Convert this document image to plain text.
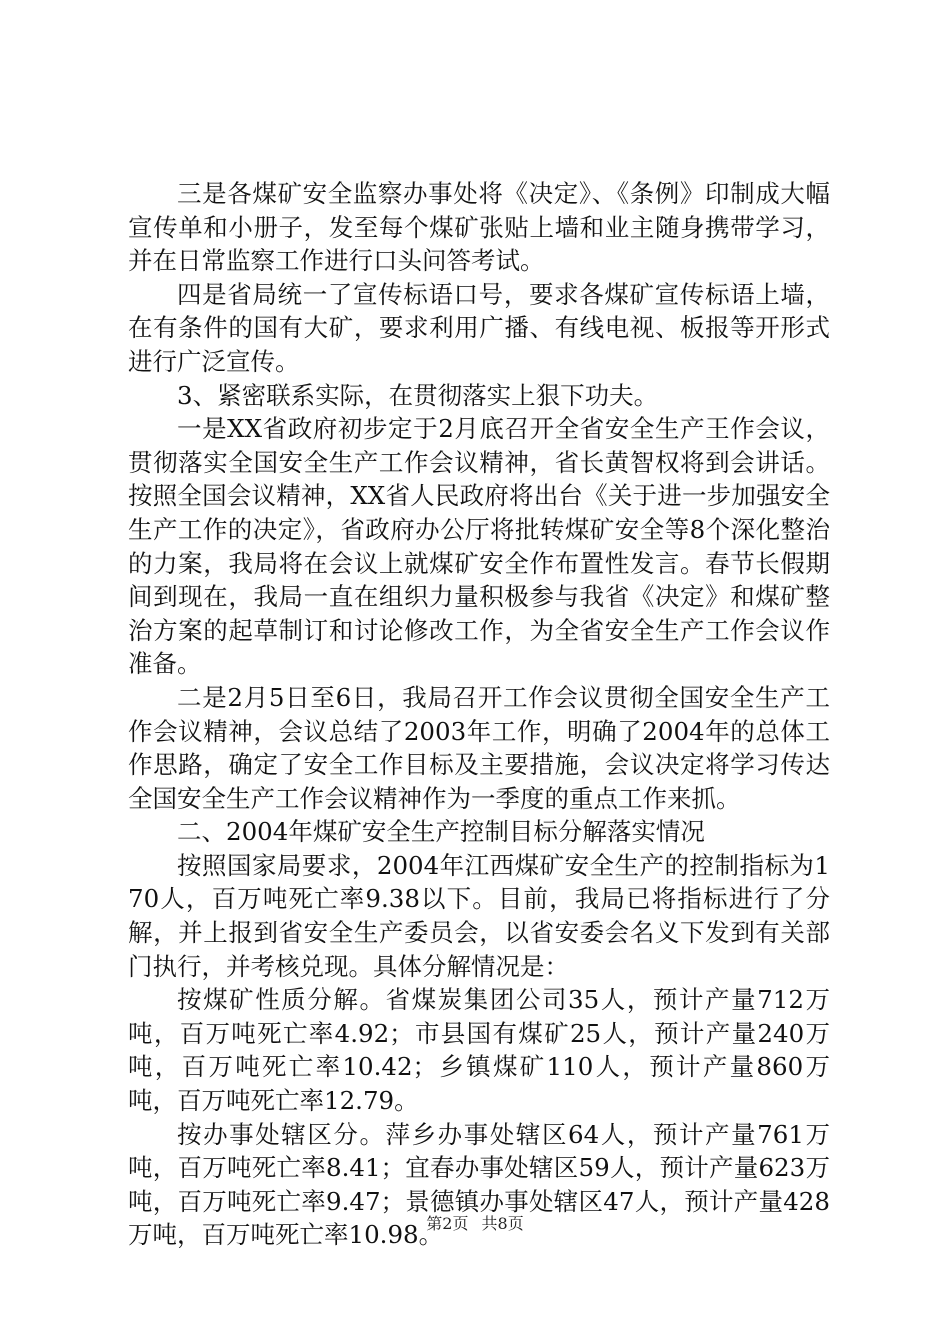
三是各煤矿安全监察办事处将《决定》、《条例》印制成大幅宣传单和小册子，发至每个煤矿张贴上墙和业主随身携带学习，并在日常监察工作进行口头问答考试。

四是省局统一了宣传标语口号，要求各煤矿宣传标语上墙，在有条件的国有大矿，要求利用广播、有线电视、板报等开形式进行广泛宣传。

3、紧密联系实际，在贯彻落实上狠下功夫。

一是XX省政府初步定于2月底召开全省安全生产王作会议，贯彻落实全国安全生产工作会议精神，省长黄智权将到会讲话。按照全国会议精神，XX省人民政府将出台《关于进一步加强安全生产工作的决定》，省政府办公厅将批转煤矿安全等8个深化整治的力案，我局将在会议上就煤矿安全作布置性发言。春节长假期间到现在，我局一直在组织力量积极参与我省《决定》和煤矿整治方案的起草制订和讨论修改工作，为全省安全生产工作会议作准备。

二是2月5日至6日，我局召开工作会议贯彻全国安全生产工作会议精神，会议总结了2003年工作，明确了2004年的总体工作思路，确定了安全工作目标及主要措施，会议决定将学习传达全国安全生产工作会议精神作为一季度的重点工作来抓。

二、2004年煤矿安全生产控制目标分解落实情况

按照国家局要求，2004年江西煤矿安全生产的控制指标为170人，百万吨死亡率9.38以下。目前，我局已将指标进行了分解，并上报到省安全生产委员会，以省安委会名义下发到有关部门执行，并考核兑现。具体分解情况是：

按煤矿性质分解。省煤炭集团公司35人，预计产量712万吨，百万吨死亡率4.92；市县国有煤矿25人，预计产量240万吨，百万吨死亡率10.42；乡镇煤矿110人，预计产量860万吨，百万吨死亡率12.79。

按办事处辖区分。萍乡办事处辖区64人，预计产量761万吨，百万吨死亡率8.41；宜春办事处辖区59人，预计产量623万吨，百万吨死亡率9.47；景德镇办事处辖区47人，预计产量428万吨，百万吨死亡率10.98。

第2页 共8页
